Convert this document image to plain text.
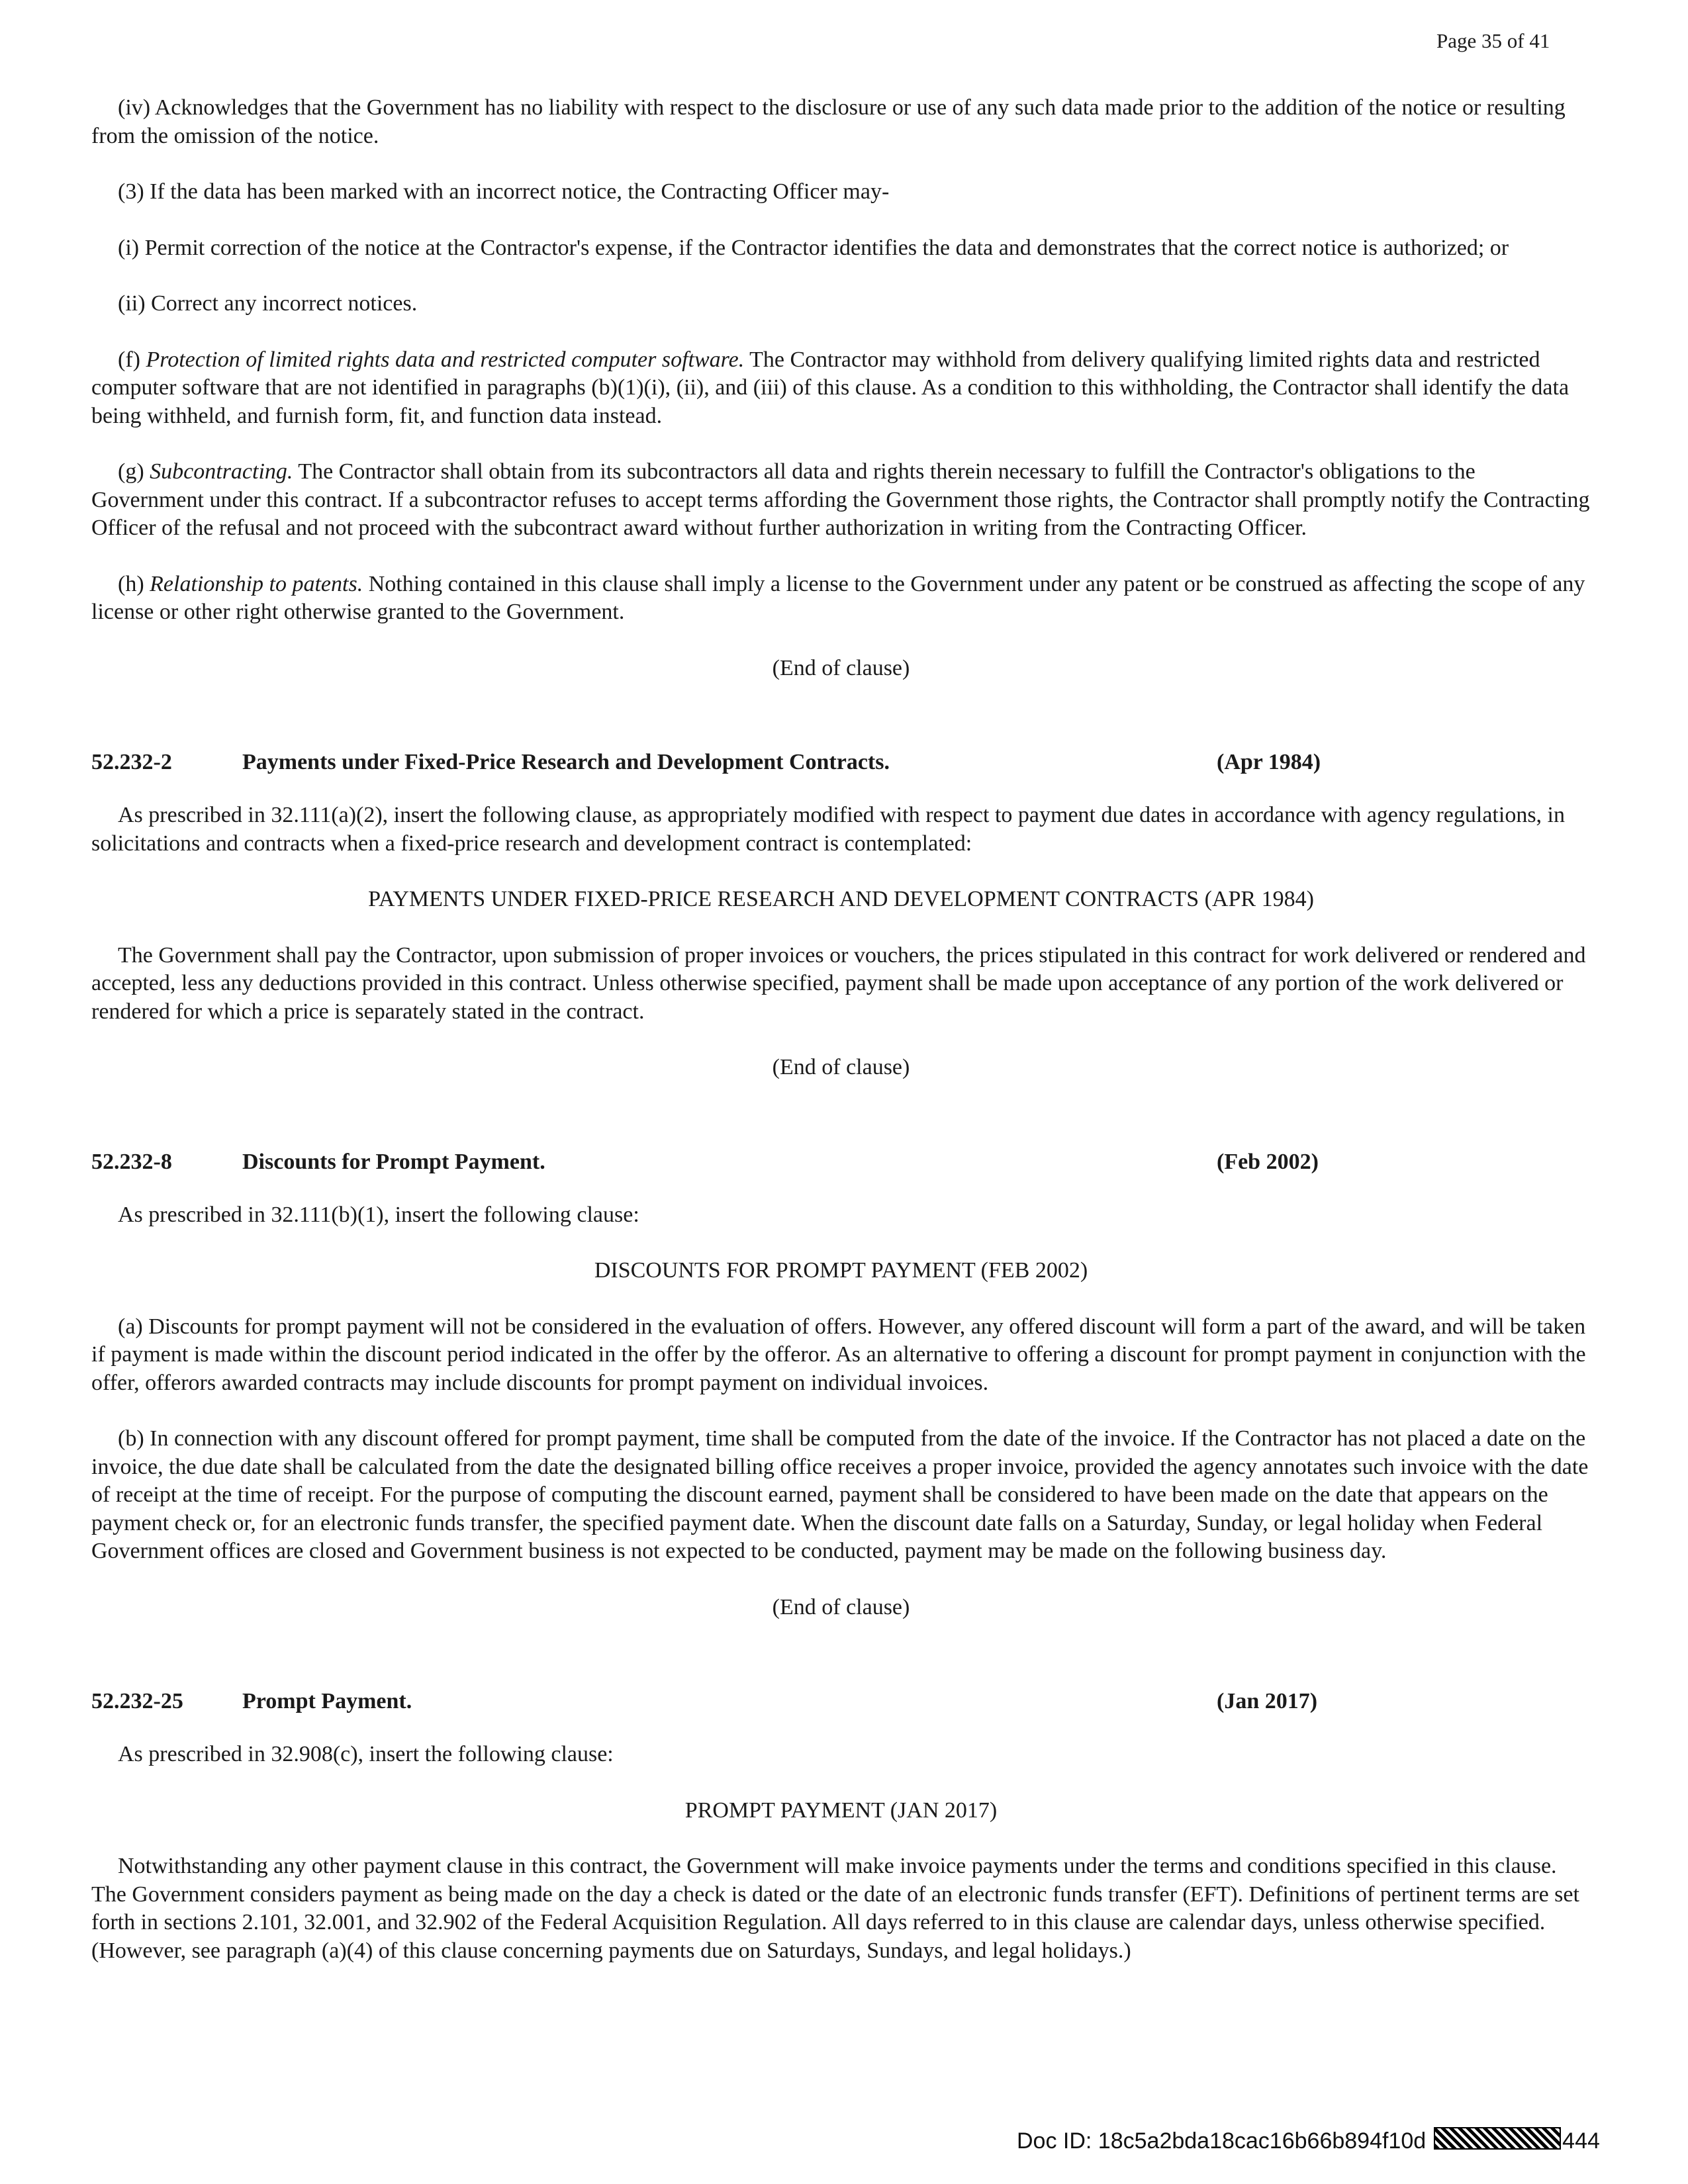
Page 35 of 41

(iv) Acknowledges that the Government has no liability with respect to the disclosure or use of any such data made prior to the addition of the notice or resulting from the omission of the notice.

(3) If the data has been marked with an incorrect notice, the Contracting Officer may-

(i) Permit correction of the notice at the Contractor's expense, if the Contractor identifies the data and demonstrates that the correct notice is authorized; or

(ii) Correct any incorrect notices.

(f) Protection of limited rights data and restricted computer software. The Contractor may withhold from delivery qualifying limited rights data and restricted computer software that are not identified in paragraphs (b)(1)(i), (ii), and (iii) of this clause. As a condition to this withholding, the Contractor shall identify the data being withheld, and furnish form, fit, and function data instead.

(g) Subcontracting. The Contractor shall obtain from its subcontractors all data and rights therein necessary to fulfill the Contractor's obligations to the Government under this contract. If a subcontractor refuses to accept terms affording the Government those rights, the Contractor shall promptly notify the Contracting Officer of the refusal and not proceed with the subcontract award without further authorization in writing from the Contracting Officer.

(h) Relationship to patents. Nothing contained in this clause shall imply a license to the Government under any patent or be construed as affecting the scope of any license or other right otherwise granted to the Government.

(End of clause)
52.232-2	Payments under Fixed-Price Research and Development Contracts.	(Apr 1984)

As prescribed in 32.111(a)(2), insert the following clause, as appropriately modified with respect to payment due dates in accordance with agency regulations, in solicitations and contracts when a fixed-price research and development contract is contemplated:

PAYMENTS UNDER FIXED-PRICE RESEARCH AND DEVELOPMENT CONTRACTS (APR 1984)

The Government shall pay the Contractor, upon submission of proper invoices or vouchers, the prices stipulated in this contract for work delivered or rendered and accepted, less any deductions provided in this contract. Unless otherwise specified, payment shall be made upon acceptance of any portion of the work delivered or rendered for which a price is separately stated in the contract.

(End of clause)
52.232-8	Discounts for Prompt Payment.	(Feb 2002)

As prescribed in 32.111(b)(1), insert the following clause:

DISCOUNTS FOR PROMPT PAYMENT (FEB 2002)

(a) Discounts for prompt payment will not be considered in the evaluation of offers. However, any offered discount will form a part of the award, and will be taken if payment is made within the discount period indicated in the offer by the offeror. As an alternative to offering a discount for prompt payment in conjunction with the offer, offerors awarded contracts may include discounts for prompt payment on individual invoices.

(b) In connection with any discount offered for prompt payment, time shall be computed from the date of the invoice. If the Contractor has not placed a date on the invoice, the due date shall be calculated from the date the designated billing office receives a proper invoice, provided the agency annotates such invoice with the date of receipt at the time of receipt. For the purpose of computing the discount earned, payment shall be considered to have been made on the date that appears on the payment check or, for an electronic funds transfer, the specified payment date. When the discount date falls on a Saturday, Sunday, or legal holiday when Federal Government offices are closed and Government business is not expected to be conducted, payment may be made on the following business day.

(End of clause)
52.232-25	Prompt Payment.	(Jan 2017)

As prescribed in 32.908(c), insert the following clause:

PROMPT PAYMENT (JAN 2017)

Notwithstanding any other payment clause in this contract, the Government will make invoice payments under the terms and conditions specified in this clause. The Government considers payment as being made on the day a check is dated or the date of an electronic funds transfer (EFT). Definitions of pertinent terms are set forth in sections 2.101, 32.001, and 32.902 of the Federal Acquisition Regulation. All days referred to in this clause are calendar days, unless otherwise specified. (However, see paragraph (a)(4) of this clause concerning payments due on Saturdays, Sundays, and legal holidays.)

Doc ID: 18c5a2bda18cac16b66b894f10d	444
